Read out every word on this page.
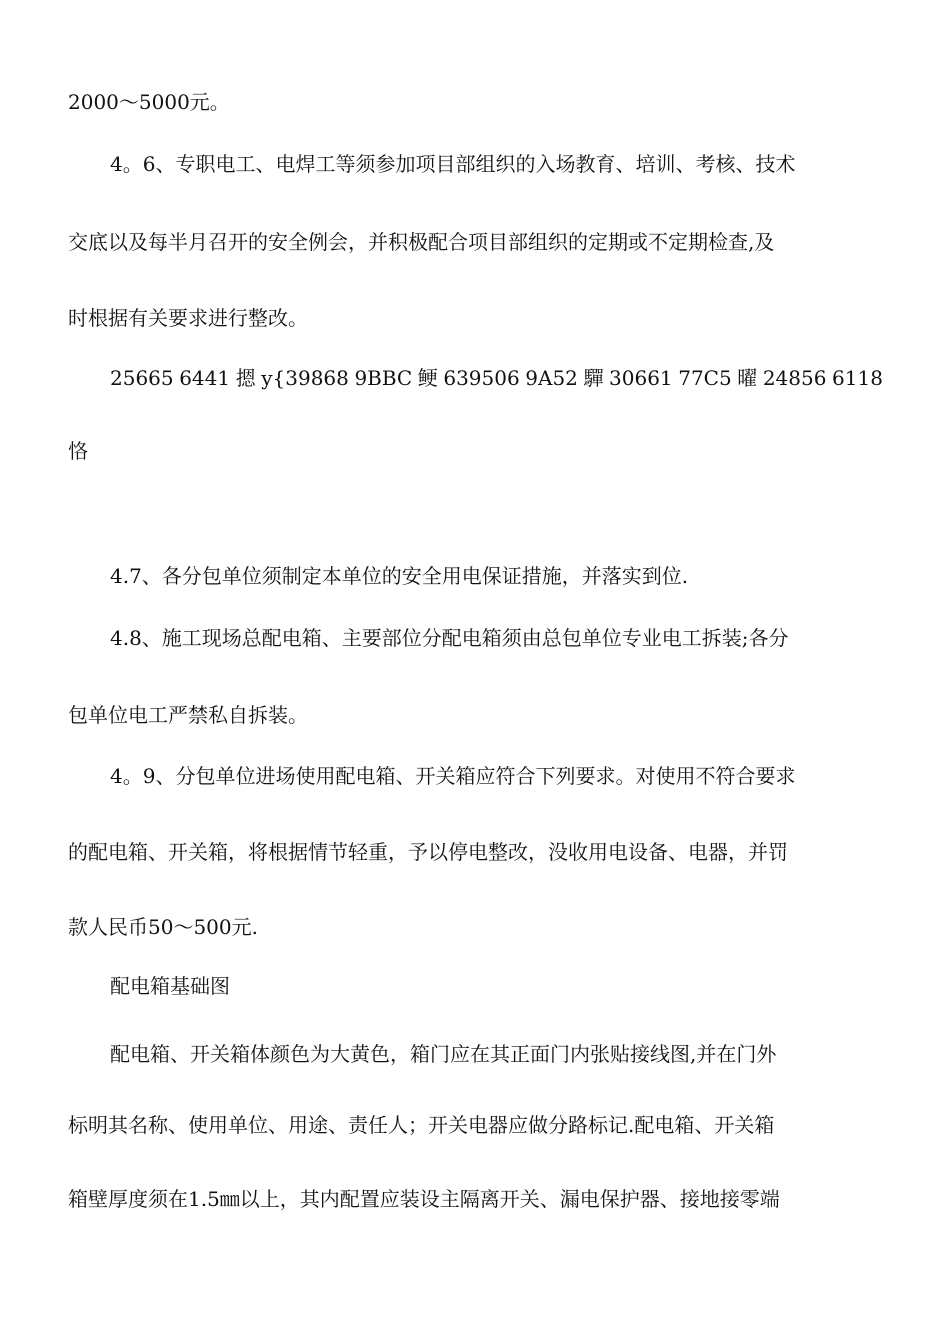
2000～5000元。
4。6、专职电工、电焊工等须参加项目部组织的入场教育、培训、考核、技术
交底以及每半月召开的安全例会，并积极配合项目部组织的定期或不定期检查,及
时根据有关要求进行整改。
25665 6441 摁 y{39868 9BBC 鲠 639506 9A52 驒 30661 77C5 曜 24856 6118
恪
4.7、各分包单位须制定本单位的安全用电保证措施，并落实到位.
4.8、施工现场总配电箱、主要部位分配电箱须由总包单位专业电工拆装;各分
包单位电工严禁私自拆装。
4。9、分包单位进场使用配电箱、开关箱应符合下列要求。对使用不符合要求
的配电箱、开关箱，将根据情节轻重，予以停电整改，没收用电设备、电器，并罚
款人民币50～500元.
配电箱基础图
配电箱、开关箱体颜色为大黄色，箱门应在其正面门内张贴接线图,并在门外
标明其名称、使用单位、用途、责任人；开关电器应做分路标记.配电箱、开关箱
箱壁厚度须在1.5㎜以上，其内配置应装设主隔离开关、漏电保护器、接地接零端
